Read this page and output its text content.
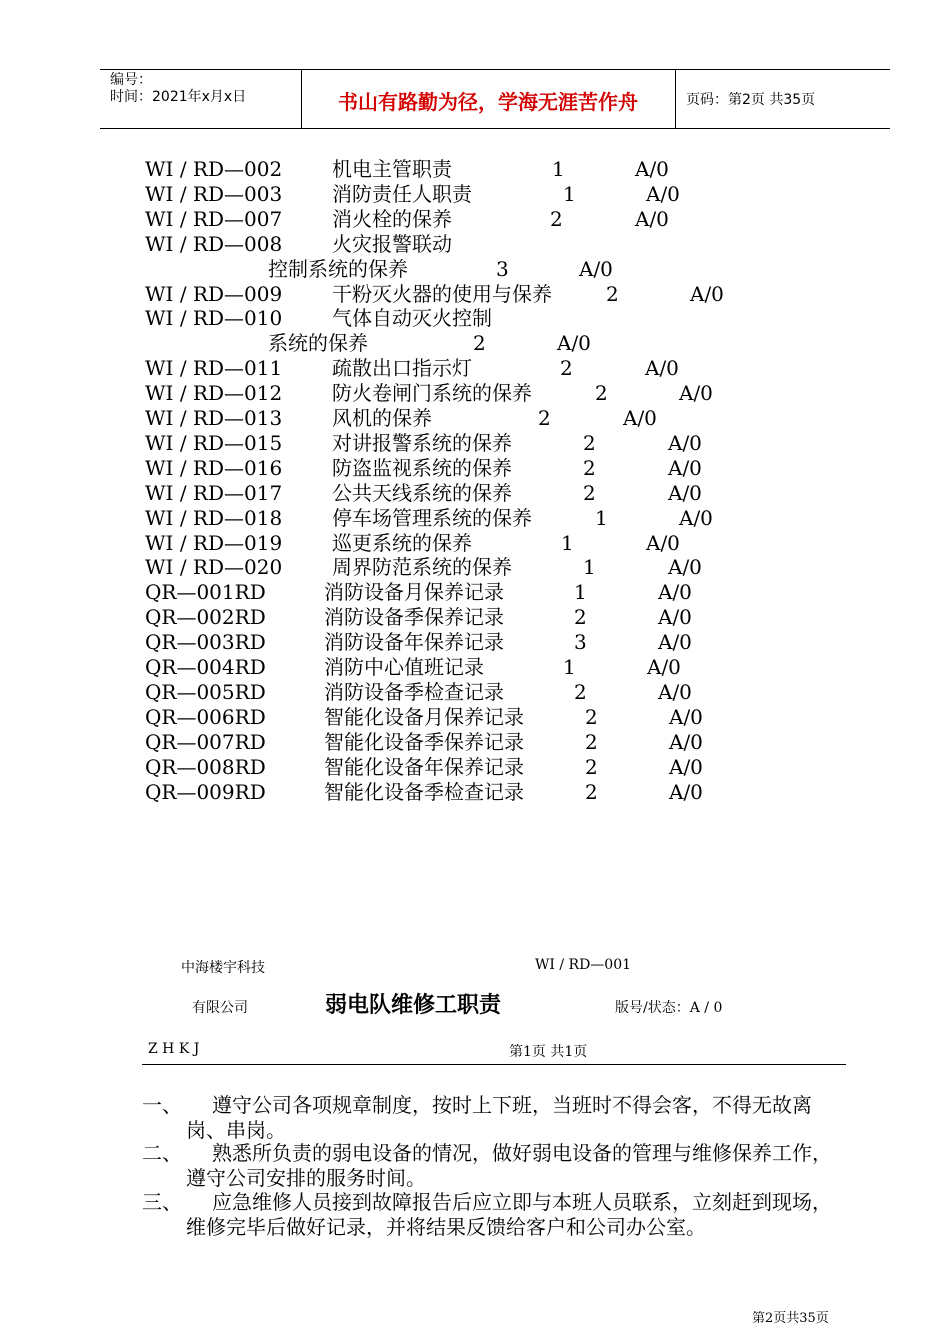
编号：
时间：2021年x月x日	书山有路勤为径，学海无涯苦作舟	页码：第2页 共35页
WI / RD—002 机电主管职责	1	A/0
WI / RD—003 消防责任人职责	1	A/0
WI / RD—007 消火栓的保养	2	A/0
WI / RD—008 火灾报警联动
控制系统的保养	3	A/0
WI / RD—009 干粉灭火器的使用与保养	2	A/0
WI / RD—010 气体自动灭火控制
系统的保养	2	A/0
WI / RD—011 疏散出口指示灯	2	A/0
WI / RD—012 防火卷闸门系统的保养	2	A/0
WI / RD—013 风机的保养	2	A/0
WI / RD—015 对讲报警系统的保养	2	A/0
WI / RD—016 防盗监视系统的保养	2	A/0
WI / RD—017 公共天线系统的保养	2	A/0
WI / RD—018 停车场管理系统的保养	1	A/0
WI / RD—019 巡更系统的保养	1	A/0
WI / RD—020 周界防范系统的保养	1	A/0
QR—001RD	消防设备月保养记录	1	A/0
QR—002RD	消防设备季保养记录	2	A/0
QR—003RD	消防设备年保养记录	3	A/0
QR—004RD	消防中心值班记录	1	A/0
QR—005RD	消防设备季检查记录	2	A/0
QR—006RD	智能化设备月保养记录	2	A/0
QR—007RD	智能化设备季保养记录	2	A/0
QR—008RD	智能化设备年保养记录	2	A/0
QR—009RD	智能化设备季检查记录	2	A/0
中海楼宇科技	WI / RD—001
有限公司	弱电队维修工职责	版号/状态：A / 0
Z H K J	第1页 共1页
一、	遵守公司各项规章制度，按时上下班，当班时不得会客，不得无故离岗、串岗。
二、	熟悉所负责的弱电设备的情况，做好弱电设备的管理与维修保养工作，遵守公司安排的服务时间。
三、	应急维修人员接到故障报告后应立即与本班人员联系，立刻赶到现场，维修完毕后做好记录，并将结果反馈给客户和公司办公室。
第2页共35页
